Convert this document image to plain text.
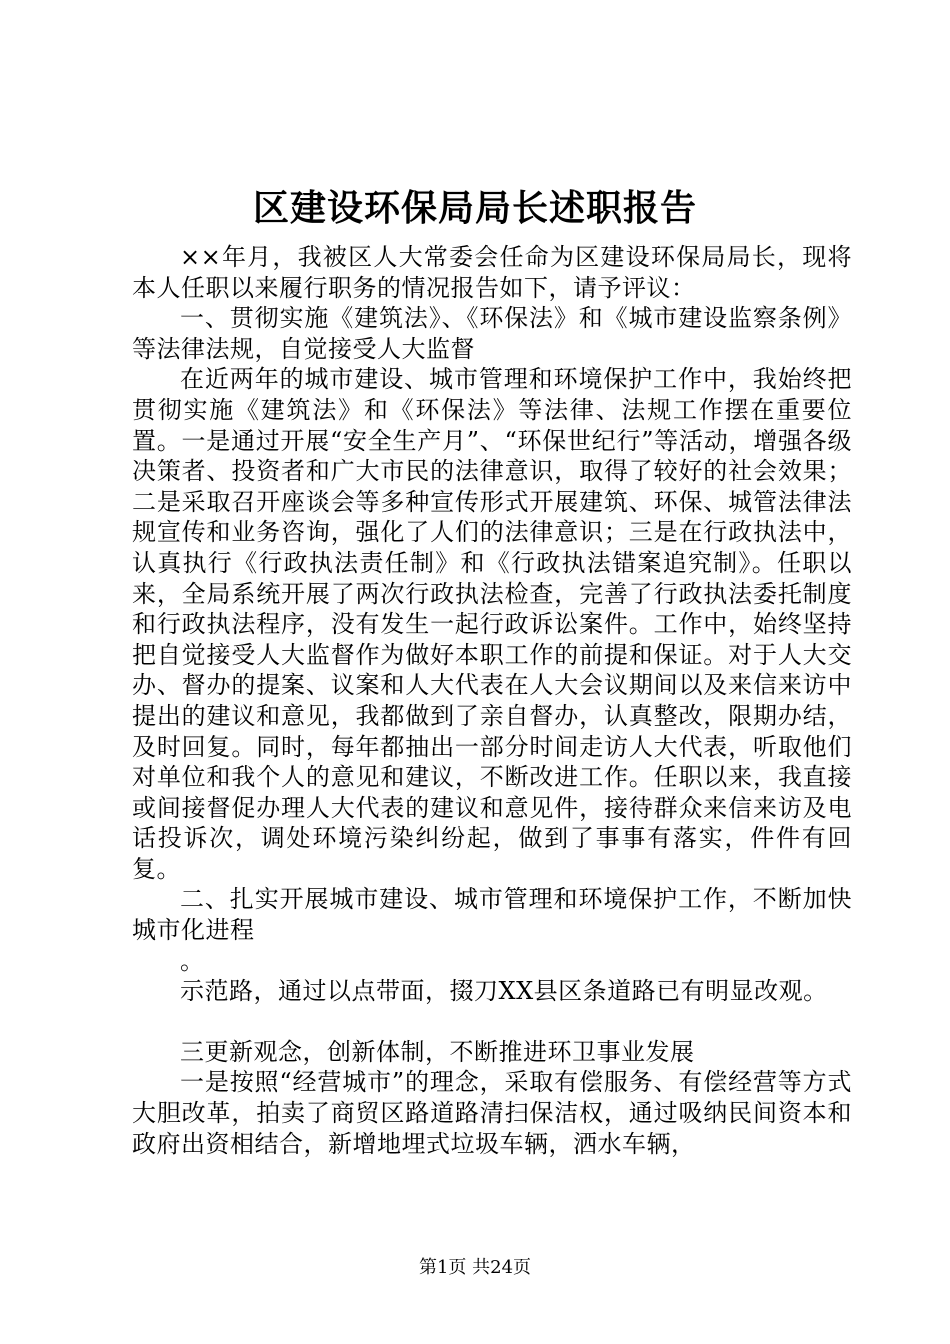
区建设环保局局长述职报告

××年月，我被区人大常委会任命为区建设环保局局长，现将本人任职以来履行职务的情况报告如下，请予评议：

一、贯彻实施《建筑法》、《环保法》和《城市建设监察条例》等法律法规，自觉接受人大监督

在近两年的城市建设、城市管理和环境保护工作中，我始终把贯彻实施《建筑法》和《环保法》等法律、法规工作摆在重要位置。一是通过开展“安全生产月”、“环保世纪行”等活动，增强各级决策者、投资者和广大市民的法律意识，取得了较好的社会效果；二是采取召开座谈会等多种宣传形式开展建筑、环保、城管法律法规宣传和业务咨询，强化了人们的法律意识；三是在行政执法中，认真执行《行政执法责任制》和《行政执法错案追究制》。任职以来，全局系统开展了两次行政执法检查，完善了行政执法委托制度和行政执法程序，没有发生一起行政诉讼案件。工作中，始终坚持把自觉接受人大监督作为做好本职工作的前提和保证。对于人大交办、督办的提案、议案和人大代表在人大会议期间以及来信来访中提出的建议和意见，我都做到了亲自督办，认真整改，限期办结，及时回复。同时，每年都抽出一部分时间走访人大代表，听取他们对单位和我个人的意见和建议，不断改进工作。任职以来，我直接或间接督促办理人大代表的建议和意见件，接待群众来信来访及电话投诉次，调处环境污染纠纷起，做到了事事有落实，件件有回复。

二、扎实开展城市建设、城市管理和环境保护工作，不断加快城市化进程

。

示范路，通过以点带面，掇刀XX县区条道路已有明显改观。

三更新观念，创新体制，不断推进环卫事业发展

一是按照“经营城市”的理念，采取有偿服务、有偿经营等方式大胆改革，拍卖了商贸区路道路清扫保洁权，通过吸纳民间资本和政府出资相结合，新增地埋式垃圾车辆，洒水车辆，

第1页 共24页
